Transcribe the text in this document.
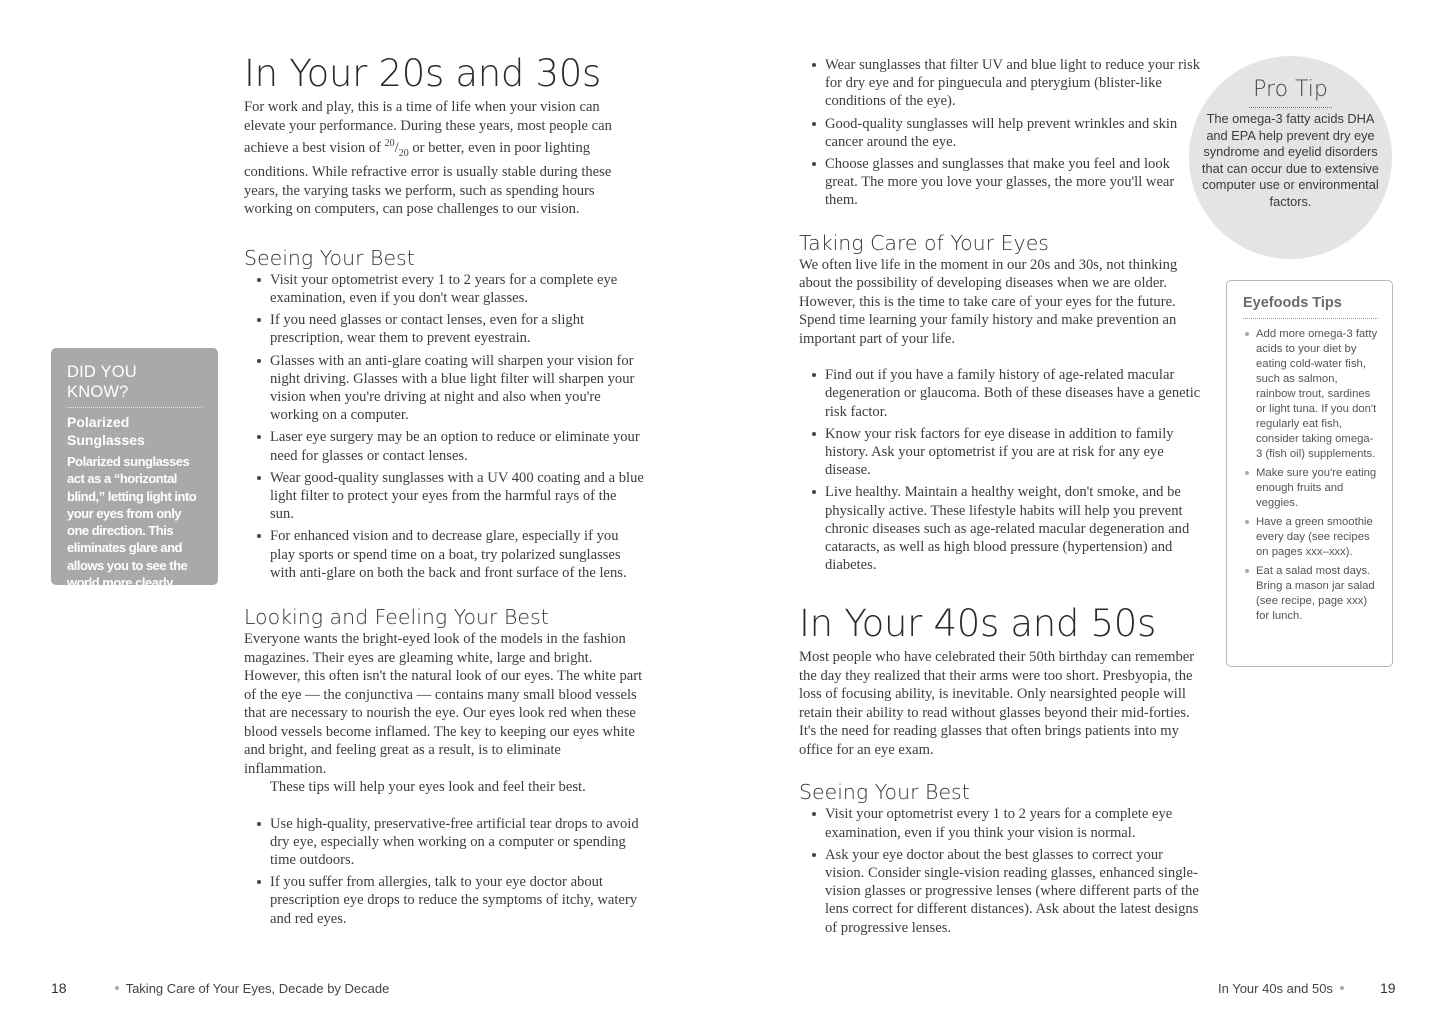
In Your 20s and 30s

For work and play, this is a time of life when your vision can elevate your performance. During these years, most people can achieve a best vision of $^{20}/_{20}$ or better, even in poor lighting conditions. While refractive error is usually stable during these years, the varying tasks we perform, such as spending hours working on computers, can pose challenges to our vision.

Seeing Your Best
Visit your optometrist every 1 to 2 years for a complete eye examination, even if you don't wear glasses.
If you need glasses or contact lenses, even for a slight prescription, wear them to prevent eyestrain.
Glasses with an anti-glare coating will sharpen your vision for night driving. Glasses with a blue light filter will sharpen your vision when you're driving at night and also when you're working on a computer.
Laser eye surgery may be an option to reduce or eliminate your need for glasses or contact lenses.
Wear good-quality sunglasses with a UV 400 coating and a blue light filter to protect your eyes from the harmful rays of the sun.
For enhanced vision and to decrease glare, especially if you play sports or spend time on a boat, try polarized sunglasses with anti-glare on both the back and front surface of the lens.
Looking and Feeling Your Best

Everyone wants the bright-eyed look of the models in the fashion magazines. Their eyes are gleaming white, large and bright. However, this often isn't the natural look of our eyes. The white part of the eye — the conjunctiva — contains many small blood vessels that are necessary to nourish the eye. Our eyes look red when these blood vessels become inflamed. The key to keeping our eyes white and bright, and feeling great as a result, is to eliminate inflammation.

These tips will help your eyes look and feel their best.

Use high-quality, preservative-free artificial tear drops to avoid dry eye, especially when working on a computer or spending time outdoors.
If you suffer from allergies, talk to your eye doctor about prescription eye drops to reduce the symptoms of itchy, watery and red eyes.
DID YOU KNOW?
Polarized Sunglasses
Polarized sunglasses act as a “horizontal blind,” letting light into your eyes from only one direction. This eliminates glare and allows you to see the world more clearly.
18	Taking Care of Your Eyes, Decade by Decade
Wear sunglasses that filter UV and blue light to reduce your risk for dry eye and for pinguecula and pterygium (blister-like conditions of the eye).
Good-quality sunglasses will help prevent wrinkles and skin cancer around the eye.
Choose glasses and sunglasses that make you feel and look great. The more you love your glasses, the more you'll wear them.
Taking Care of Your Eyes

We often live life in the moment in our 20s and 30s, not thinking about the possibility of developing diseases when we are older. However, this is the time to take care of your eyes for the future. Spend time learning your family history and make prevention an important part of your life.

Find out if you have a family history of age-related macular degeneration or glaucoma. Both of these diseases have a genetic risk factor.
Know your risk factors for eye disease in addition to family history. Ask your optometrist if you are at risk for any eye disease.
Live healthy. Maintain a healthy weight, don't smoke, and be physically active. These lifestyle habits will help you prevent chronic diseases such as age-related macular degeneration and cataracts, as well as high blood pressure (hypertension) and diabetes.
In Your 40s and 50s

Most people who have celebrated their 50th birthday can remember the day they realized that their arms were too short. Presbyopia, the loss of focusing ability, is inevitable. Only nearsighted people will retain their ability to read without glasses beyond their mid-forties. It's the need for reading glasses that often brings patients into my office for an eye exam.

Seeing Your Best
Visit your optometrist every 1 to 2 years for a complete eye examination, even if you think your vision is normal.
Ask your eye doctor about the best glasses to correct your vision. Consider single-vision reading glasses, enhanced single-vision glasses or progressive lenses (where different parts of the lens correct for different distances). Ask about the latest designs of progressive lenses.
Pro Tip
The omega-3 fatty acids DHA and EPA help prevent dry eye syndrome and eyelid disorders that can occur due to extensive computer use or environmental factors.
Eyefoods Tips
Add more omega-3 fatty acids to your diet by eating cold-water fish, such as salmon, rainbow trout, sardines or light tuna. If you don't regularly eat fish, consider taking omega-3 (fish oil) supplements.
Make sure you're eating enough fruits and veggies.
Have a green smoothie every day (see recipes on pages xxx–xxx).
Eat a salad most days. Bring a mason jar salad (see recipe, page xxx) for lunch.
In Your 40s and 50s	19
